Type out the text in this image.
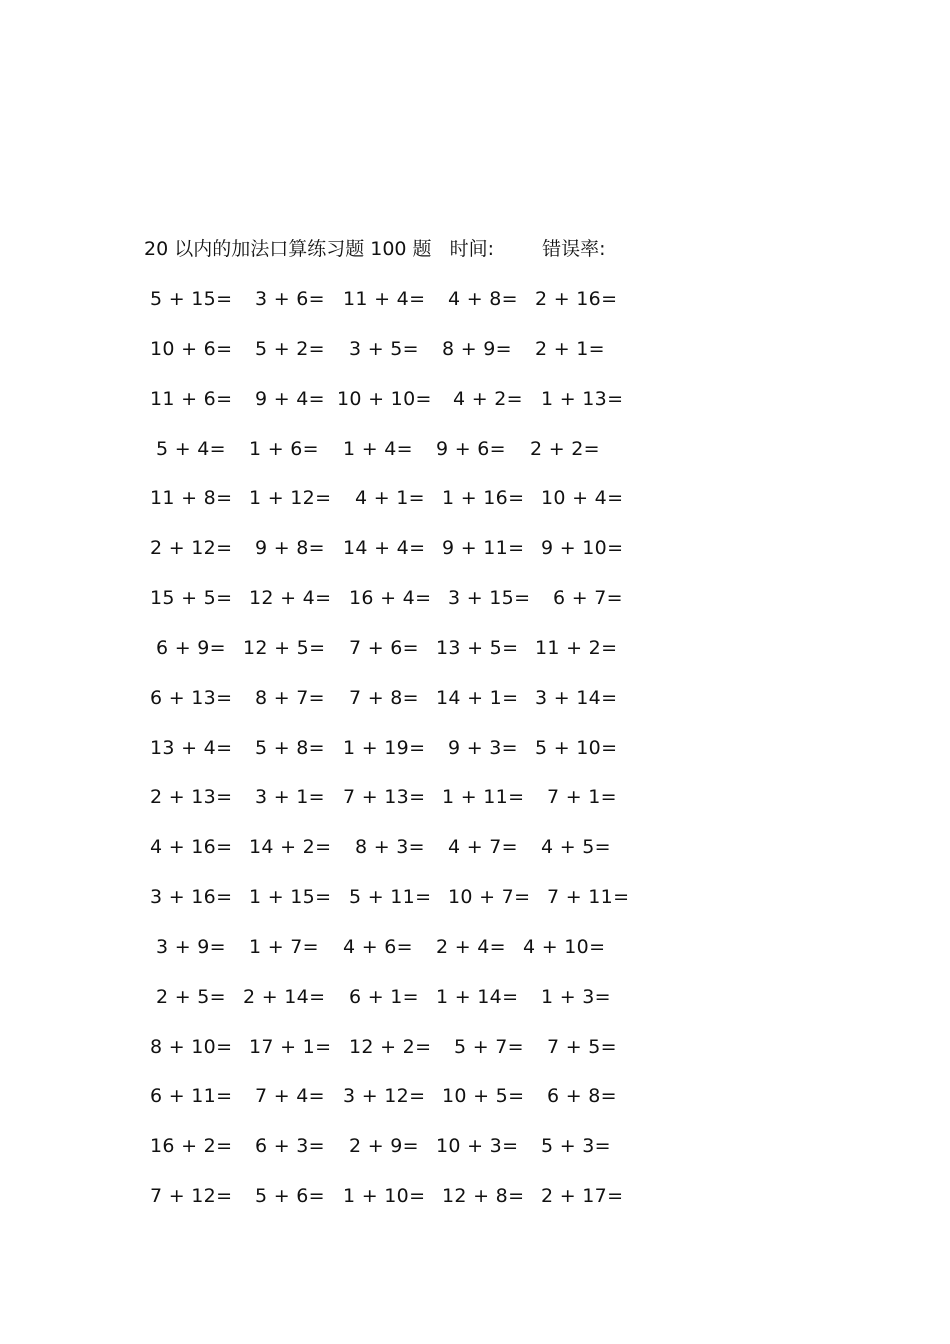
20 以内的加法口算练习题 100 题 时间:	错误率:
5 + 15= 3 + 6= 11 + 4= 4 + 8= 2 + 16=
10 + 6= 5 + 2= 3 + 5= 8 + 9= 2 + 1=
11 + 6= 9 + 4= 10 + 10= 4 + 2= 1 + 13=
5 + 4= 1 + 6= 1 + 4= 9 + 6= 2 + 2=
11 + 8= 1 + 12= 4 + 1= 1 + 16= 10 + 4=
2 + 12= 9 + 8= 14 + 4= 9 + 11= 9 + 10=
15 + 5= 12 + 4= 16 + 4= 3 + 15= 6 + 7=
6 + 9= 12 + 5= 7 + 6= 13 + 5= 11 + 2=
6 + 13= 8 + 7= 7 + 8= 14 + 1= 3 + 14=
13 + 4= 5 + 8= 1 + 19= 9 + 3= 5 + 10=
2 + 13= 3 + 1= 7 + 13= 1 + 11= 7 + 1=
4 + 16= 14 + 2= 8 + 3= 4 + 7= 4 + 5=
3 + 16= 1 + 15= 5 + 11= 10 + 7= 7 + 11=
3 + 9= 1 + 7= 4 + 6= 2 + 4= 4 + 10=
2 + 5= 2 + 14= 6 + 1= 1 + 14= 1 + 3=
8 + 10= 17 + 1= 12 + 2= 5 + 7= 7 + 5=
6 + 11= 7 + 4= 3 + 12= 10 + 5= 6 + 8=
16 + 2= 6 + 3= 2 + 9= 10 + 3= 5 + 3=
7 + 12= 5 + 6= 1 + 10= 12 + 8= 2 + 17=
